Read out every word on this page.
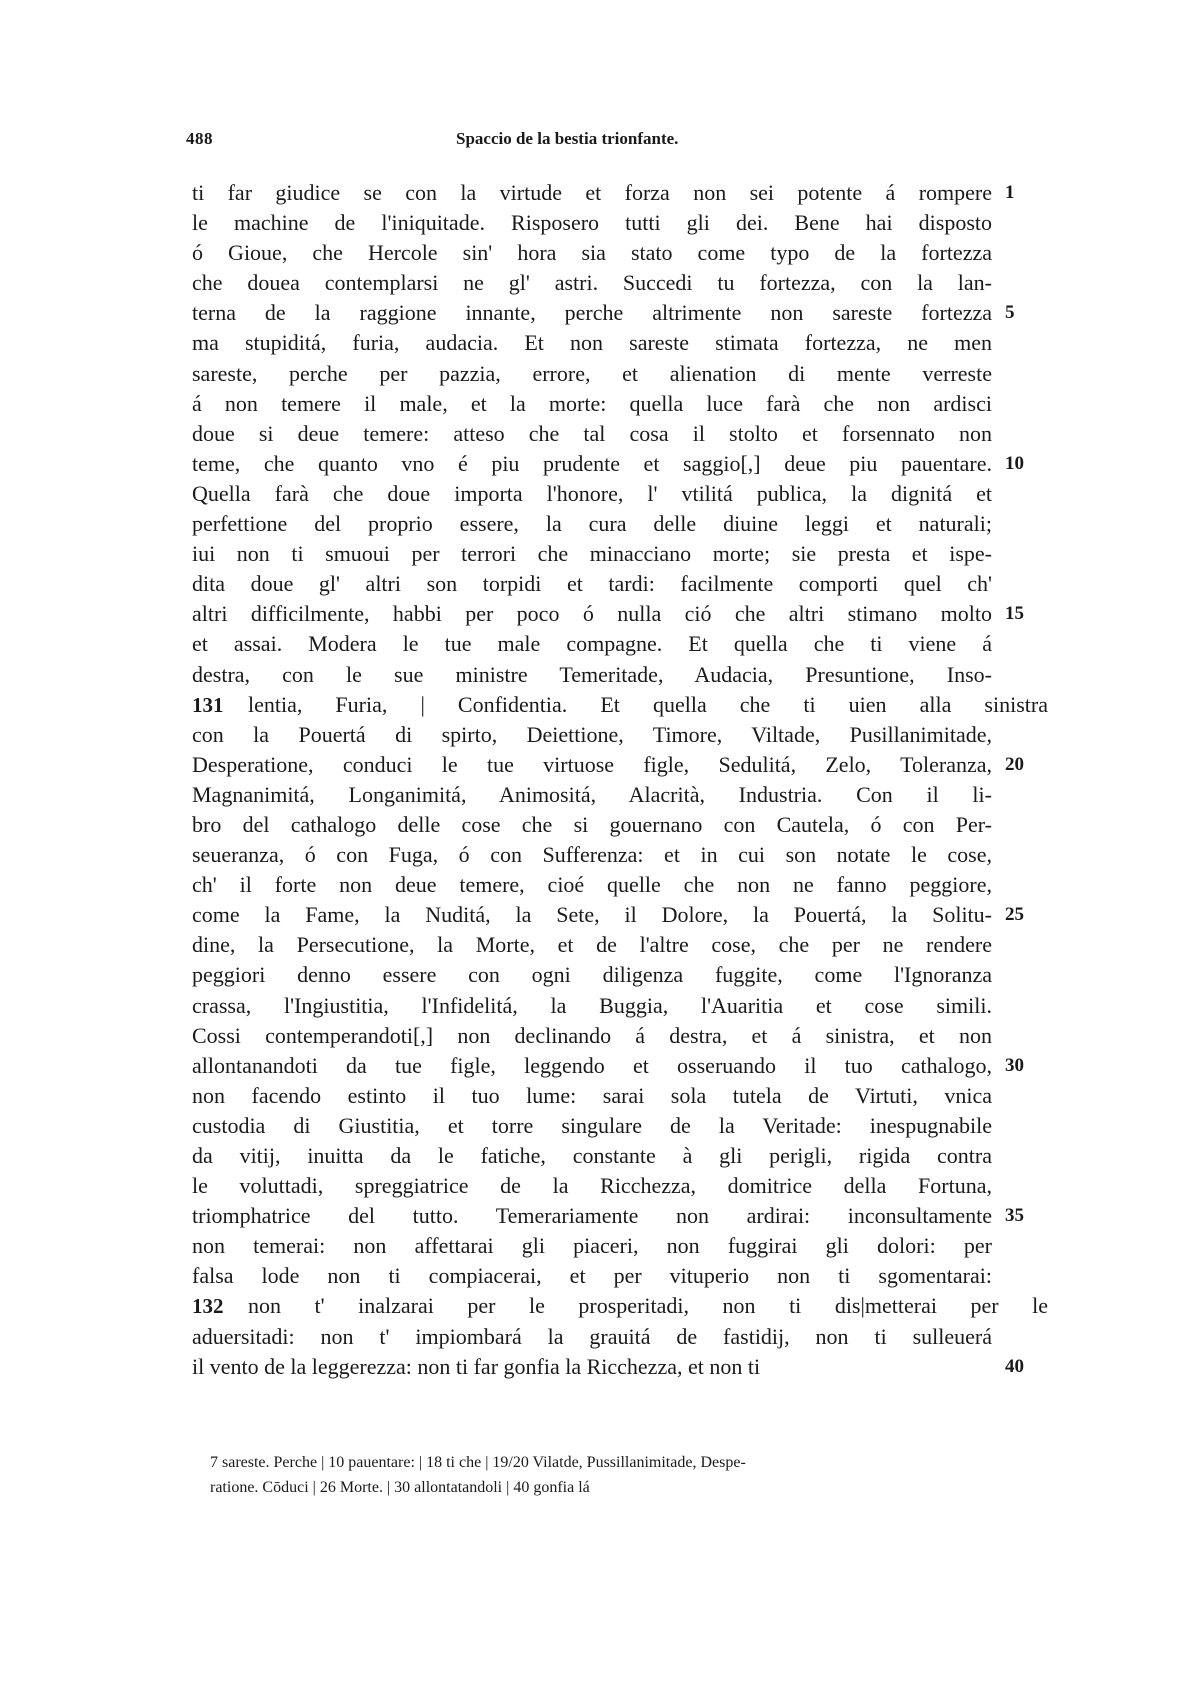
488	Spaccio de la bestia trionfante.
ti far giudice se con la virtude et forza non sei potente á rompere 1
le machine de l'iniquitade. Risposero tutti gli dei. Bene hai disposto
ó Gioue, che Hercole sin' hora sia stato come typo de la fortezza
che douea contemplarsi ne gl' astri. Succedi tu fortezza, con la lan-
terna de la raggione innante, perche altrimente non sareste fortezza 5
ma stupiditá, furia, audacia. Et non sareste stimata fortezza, ne men
sareste, perche per pazzia, errore, et alienation di mente verreste
á non temere il male, et la morte: quella luce farà che non ardisci
doue si deue temere: atteso che tal cosa il stolto et forsennato non
teme, che quanto vno é piu prudente et saggio[,] deue piu pauentare. 10
Quella farà che doue importa l'honore, l' vtilitá publica, la dignitá et
perfettione del proprio essere, la cura delle diuine leggi et naturali;
iui non ti smuoui per terrori che minacciano morte; sie presta et ispe-
dita doue gl' altri son torpidi et tardi: facilmente comporti quel ch'
altri difficilmente, habbi per poco ó nulla ció che altri stimano molto 15
et assai. Modera le tue male compagne. Et quella che ti viene á
destra, con le sue ministre Temeritade, Audacia, Presuntione, Inso-
lentia, Furia, | Confidentia. Et quella che ti uien alla sinistra
131
con la Pouertá di spirto, Deiettione, Timore, Viltade, Pusillanimitade,
Desperatione, conduci le tue virtuose figle, Sedulitá, Zelo, Toleranza, 20
Magnanimitá, Longanimitá, Animositá, Alacrità, Industria. Con il li-
bro del cathalogo delle cose che si gouernano con Cautela, ó con Per-
seueranza, ó con Fuga, ó con Sufferenza: et in cui son notate le cose,
ch' il forte non deue temere, cioé quelle che non ne fanno peggiore,
come la Fame, la Nuditá, la Sete, il Dolore, la Pouertá, la Solitu- 25
dine, la Persecutione, la Morte, et de l'altre cose, che per ne rendere
peggiori denno essere con ogni diligenza fuggite, come l'Ignoranza
crassa, l'Ingiustitia, l'Infidelitá, la Buggia, l'Auaritia et cose simili.
Cossi contemperandoti[,] non declinando á destra, et á sinistra, et non
allontanandoti da tue figle, leggendo et osseruando il tuo cathalogo, 30
non facendo estinto il tuo lume: sarai sola tutela de Virtuti, vnica
custodia di Giustitia, et torre singulare de la Veritade: inespugnabile
da vitij, inuitta da le fatiche, constante à gli perigli, rigida contra
le voluttadi, spreggiatrice de la Ricchezza, domitrice della Fortuna,
triomphatrice del tutto. Temerariamente non ardirai: inconsultamente 35
non temerai: non affettarai gli piaceri, non fuggirai gli dolori: per
falsa lode non ti compiacerai, et per vituperio non ti sgomentarai:
non t' inalzarai per le prosperitadi, non ti dis|metterai per le
132
aduersitadi: non t' impiombará la grauitá de fastidij, non ti sulleuerá
il vento de la leggerezza: non ti far gonfia la Ricchezza, et non ti	40
7 sareste. Perche | 10 pauentare: | 18 ti che | 19/20 Vilatde, Pussillanimitade, Despe-
ratione. Cōduci | 26 Morte. | 30 allontatandoli | 40 gonfia lá
